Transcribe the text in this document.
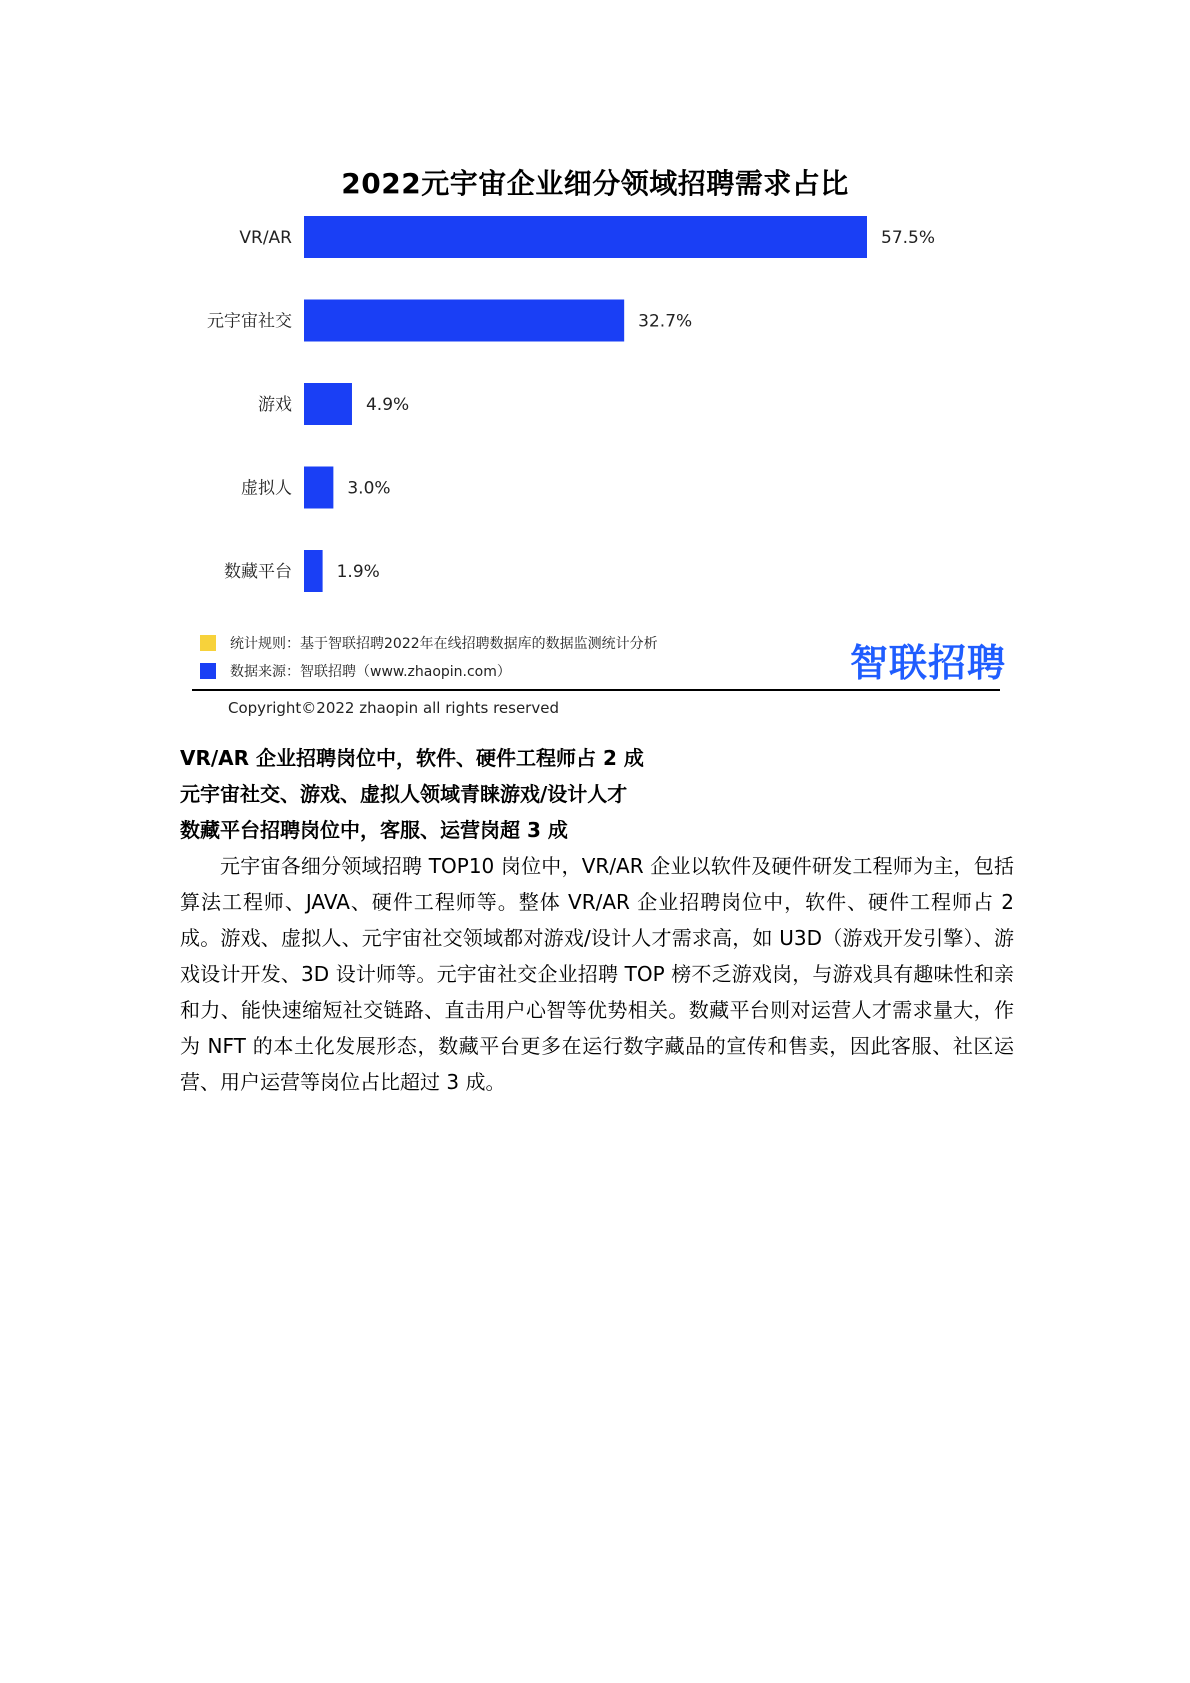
2022元宇宙企业细分领域招聘需求占比
VR/AR	57.5%
元宇宙社交	32.7%
游戏	4.9%
虚拟人	3.0%
数藏平台	1.9%
统计规则：基于智联招聘2022年在线招聘数据库的数据监测统计分析
数据来源：智联招聘（www.zhaopin.com）	智联招聘
Copyright©2022 zhaopin all rights reserved
VR/AR 企业招聘岗位中，软件、硬件工程师占 2 成
元宇宙社交、游戏、虚拟人领域青睐游戏/设计人才
数藏平台招聘岗位中，客服、运营岗超 3 成
元宇宙各细分领域招聘 TOP10 岗位中，VR/AR 企业以软件及硬件研发工程师为主，包括算法工程师、JAVA、硬件工程师等。整体 VR/AR 企业招聘岗位中，软件、硬件工程师占 2 成。游戏、虚拟人、元宇宙社交领域都对游戏/设计人才需求高，如 U3D（游戏开发引擎）、游戏设计开发、3D 设计师等。元宇宙社交企业招聘 TOP 榜不乏游戏岗，与游戏具有趣味性和亲和力、能快速缩短社交链路、直击用户心智等优势相关。数藏平台则对运营人才需求量大，作为 NFT 的本土化发展形态，数藏平台更多在运行数字藏品的宣传和售卖，因此客服、社区运营、用户运营等岗位占比超过 3 成。
